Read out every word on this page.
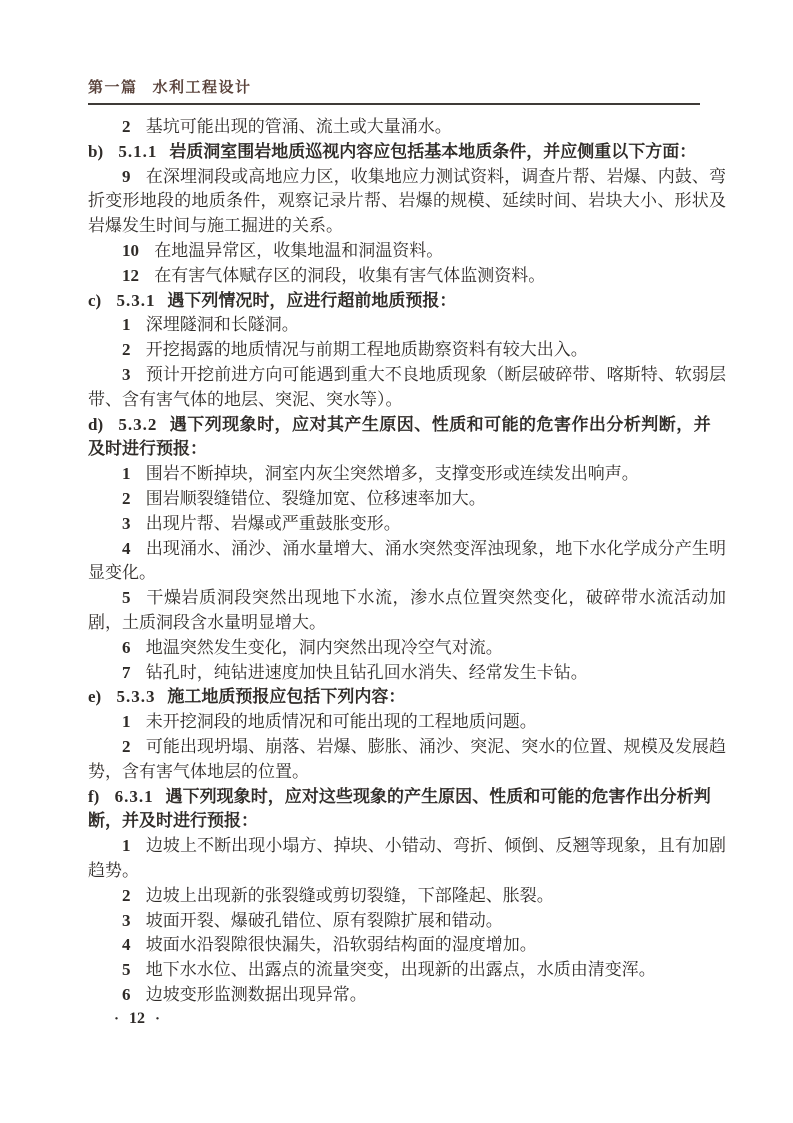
第一篇 水利工程设计

2 基坑可能出现的管涌、流土或大量涌水。

b) 5.1.1 岩质洞室围岩地质巡视内容应包括基本地质条件，并应侧重以下方面：

9 在深埋洞段或高地应力区，收集地应力测试资料，调查片帮、岩爆、内鼓、弯折变形地段的地质条件，观察记录片帮、岩爆的规模、延续时间、岩块大小、形状及岩爆发生时间与施工掘进的关系。

10 在地温异常区，收集地温和洞温资料。

12 在有害气体赋存区的洞段，收集有害气体监测资料。

c) 5.3.1 遇下列情况时，应进行超前地质预报：

1 深埋隧洞和长隧洞。

2 开挖揭露的地质情况与前期工程地质勘察资料有较大出入。

3 预计开挖前进方向可能遇到重大不良地质现象（断层破碎带、喀斯特、软弱层带、含有害气体的地层、突泥、突水等）。

d) 5.3.2 遇下列现象时，应对其产生原因、性质和可能的危害作出分析判断，并及时进行预报：

1 围岩不断掉块，洞室内灰尘突然增多，支撑变形或连续发出响声。

2 围岩顺裂缝错位、裂缝加宽、位移速率加大。

3 出现片帮、岩爆或严重鼓胀变形。

4 出现涌水、涌沙、涌水量增大、涌水突然变浑浊现象，地下水化学成分产生明显变化。

5 干燥岩质洞段突然出现地下水流，渗水点位置突然变化，破碎带水流活动加剧，土质洞段含水量明显增大。

6 地温突然发生变化，洞内突然出现冷空气对流。

7 钻孔时，纯钻进速度加快且钻孔回水消失、经常发生卡钻。

e) 5.3.3 施工地质预报应包括下列内容：

1 未开挖洞段的地质情况和可能出现的工程地质问题。

2 可能出现坍塌、崩落、岩爆、膨胀、涌沙、突泥、突水的位置、规模及发展趋势，含有害气体地层的位置。

f) 6.3.1 遇下列现象时，应对这些现象的产生原因、性质和可能的危害作出分析判断，并及时进行预报：

1 边坡上不断出现小塌方、掉块、小错动、弯折、倾倒、反翘等现象，且有加剧趋势。

2 边坡上出现新的张裂缝或剪切裂缝，下部隆起、胀裂。

3 坡面开裂、爆破孔错位、原有裂隙扩展和错动。

4 坡面水沿裂隙很快漏失，沿软弱结构面的湿度增加。

5 地下水水位、出露点的流量突变，出现新的出露点，水质由清变浑。

6 边坡变形监测数据出现异常。

· 12 ·
